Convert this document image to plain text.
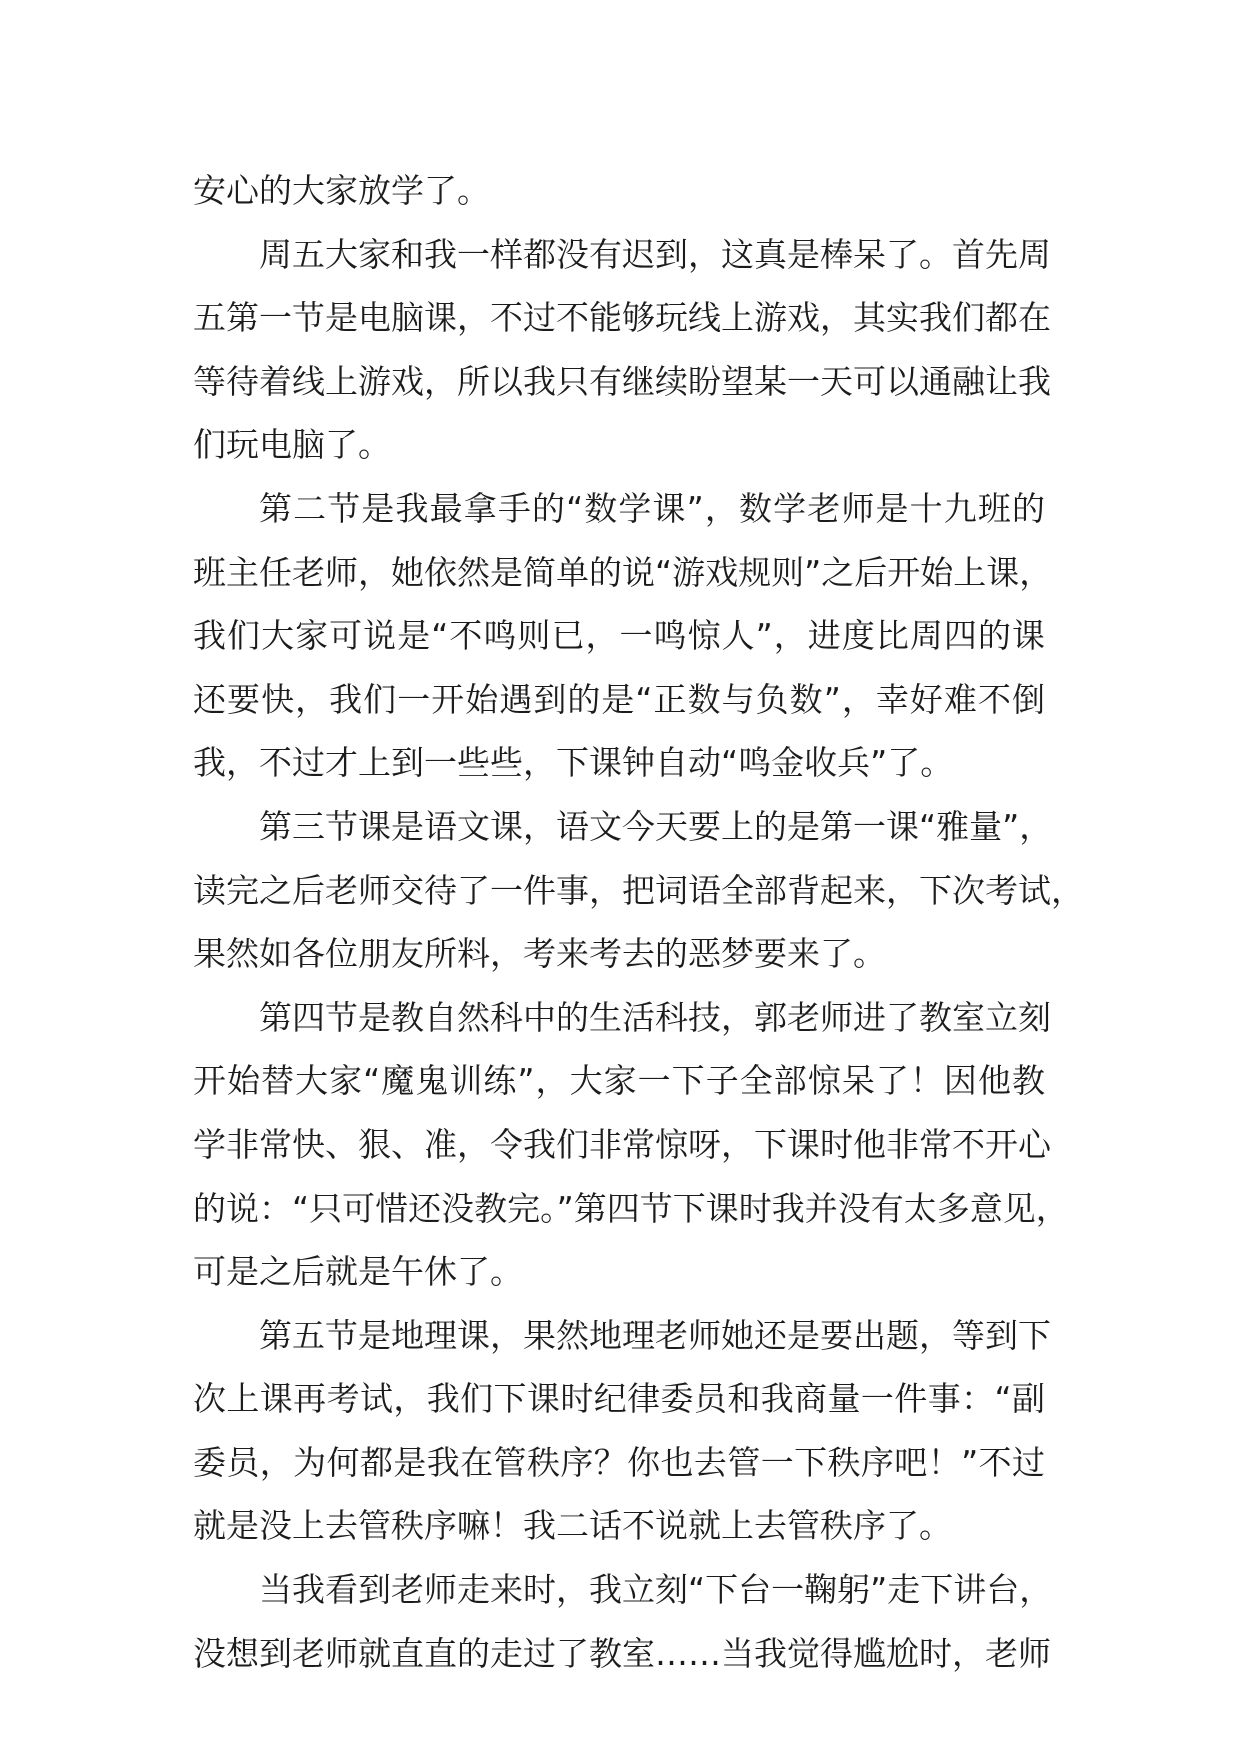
安心的大家放学了。
周五大家和我一样都没有迟到，这真是棒呆了。首先周
五第一节是电脑课，不过不能够玩线上游戏，其实我们都在
等待着线上游戏，所以我只有继续盼望某一天可以通融让我
们玩电脑了。
第二节是我最拿手的“数学课”，数学老师是十九班的
班主任老师，她依然是简单的说“游戏规则”之后开始上课，
我们大家可说是“不鸣则已，一鸣惊人”，进度比周四的课
还要快，我们一开始遇到的是“正数与负数”，幸好难不倒
我，不过才上到一些些，下课钟自动“鸣金收兵”了。
第三节课是语文课，语文今天要上的是第一课“雅量”，
读完之后老师交待了一件事，把词语全部背起来，下次考试，
果然如各位朋友所料，考来考去的恶梦要来了。
第四节是教自然科中的生活科技，郭老师进了教室立刻
开始替大家“魔鬼训练”，大家一下子全部惊呆了！因他教
学非常快、狠、准，令我们非常惊呀，下课时他非常不开心
的说：“只可惜还没教完。”第四节下课时我并没有太多意见，
可是之后就是午休了。
第五节是地理课，果然地理老师她还是要出题，等到下
次上课再考试，我们下课时纪律委员和我商量一件事：“副
委员，为何都是我在管秩序？你也去管一下秩序吧！”不过
就是没上去管秩序嘛！我二话不说就上去管秩序了。
当我看到老师走来时，我立刻“下台一鞠躬”走下讲台，
没想到老师就直直的走过了教室……当我觉得尴尬时，老师
